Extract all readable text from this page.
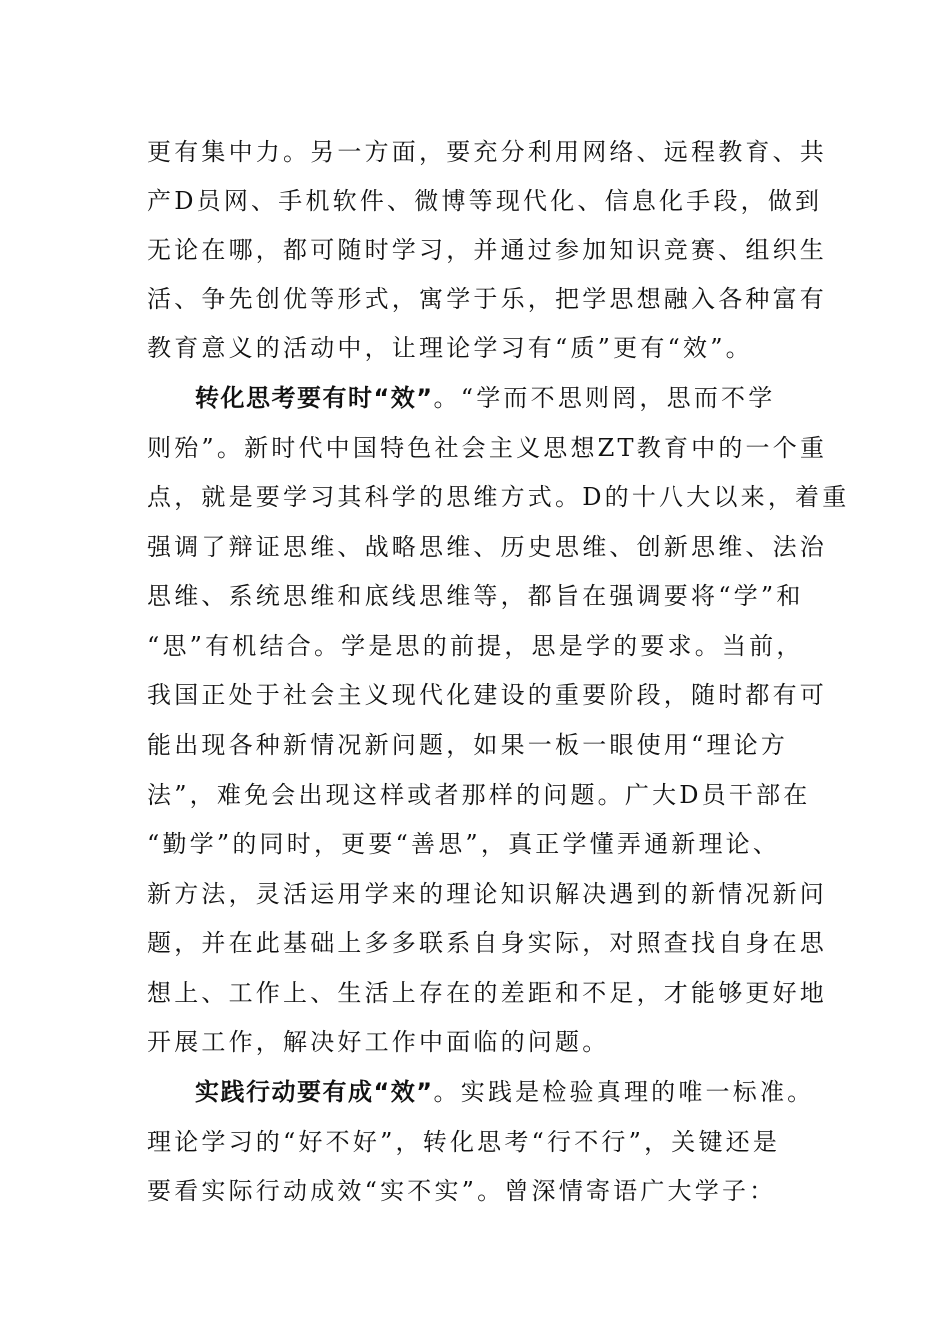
更有集中力。另一方面，要充分利用网络、远程教育、共
产D员网、手机软件、微博等现代化、信息化手段，做到
无论在哪，都可随时学习，并通过参加知识竞赛、组织生
活、争先创优等形式，寓学于乐，把学思想融入各种富有
教育意义的活动中，让理论学习有“质”更有“效”。
转化思考要有时“效”。“学而不思则罔，思而不学
则殆”。新时代中国特色社会主义思想ZT教育中的一个重
点，就是要学习其科学的思维方式。D的十八大以来，着重
强调了辩证思维、战略思维、历史思维、创新思维、法治
思维、系统思维和底线思维等，都旨在强调要将“学”和
“思”有机结合。学是思的前提，思是学的要求。当前，
我国正处于社会主义现代化建设的重要阶段，随时都有可
能出现各种新情况新问题，如果一板一眼使用“理论方
法”，难免会出现这样或者那样的问题。广大D员干部在
“勤学”的同时，更要“善思”，真正学懂弄通新理论、
新方法，灵活运用学来的理论知识解决遇到的新情况新问
题，并在此基础上多多联系自身实际，对照查找自身在思
想上、工作上、生活上存在的差距和不足，才能够更好地
开展工作，解决好工作中面临的问题。
实践行动要有成“效”。实践是检验真理的唯一标准。
理论学习的“好不好”，转化思考“行不行”，关键还是
要看实际行动成效“实不实”。曾深情寄语广大学子：
